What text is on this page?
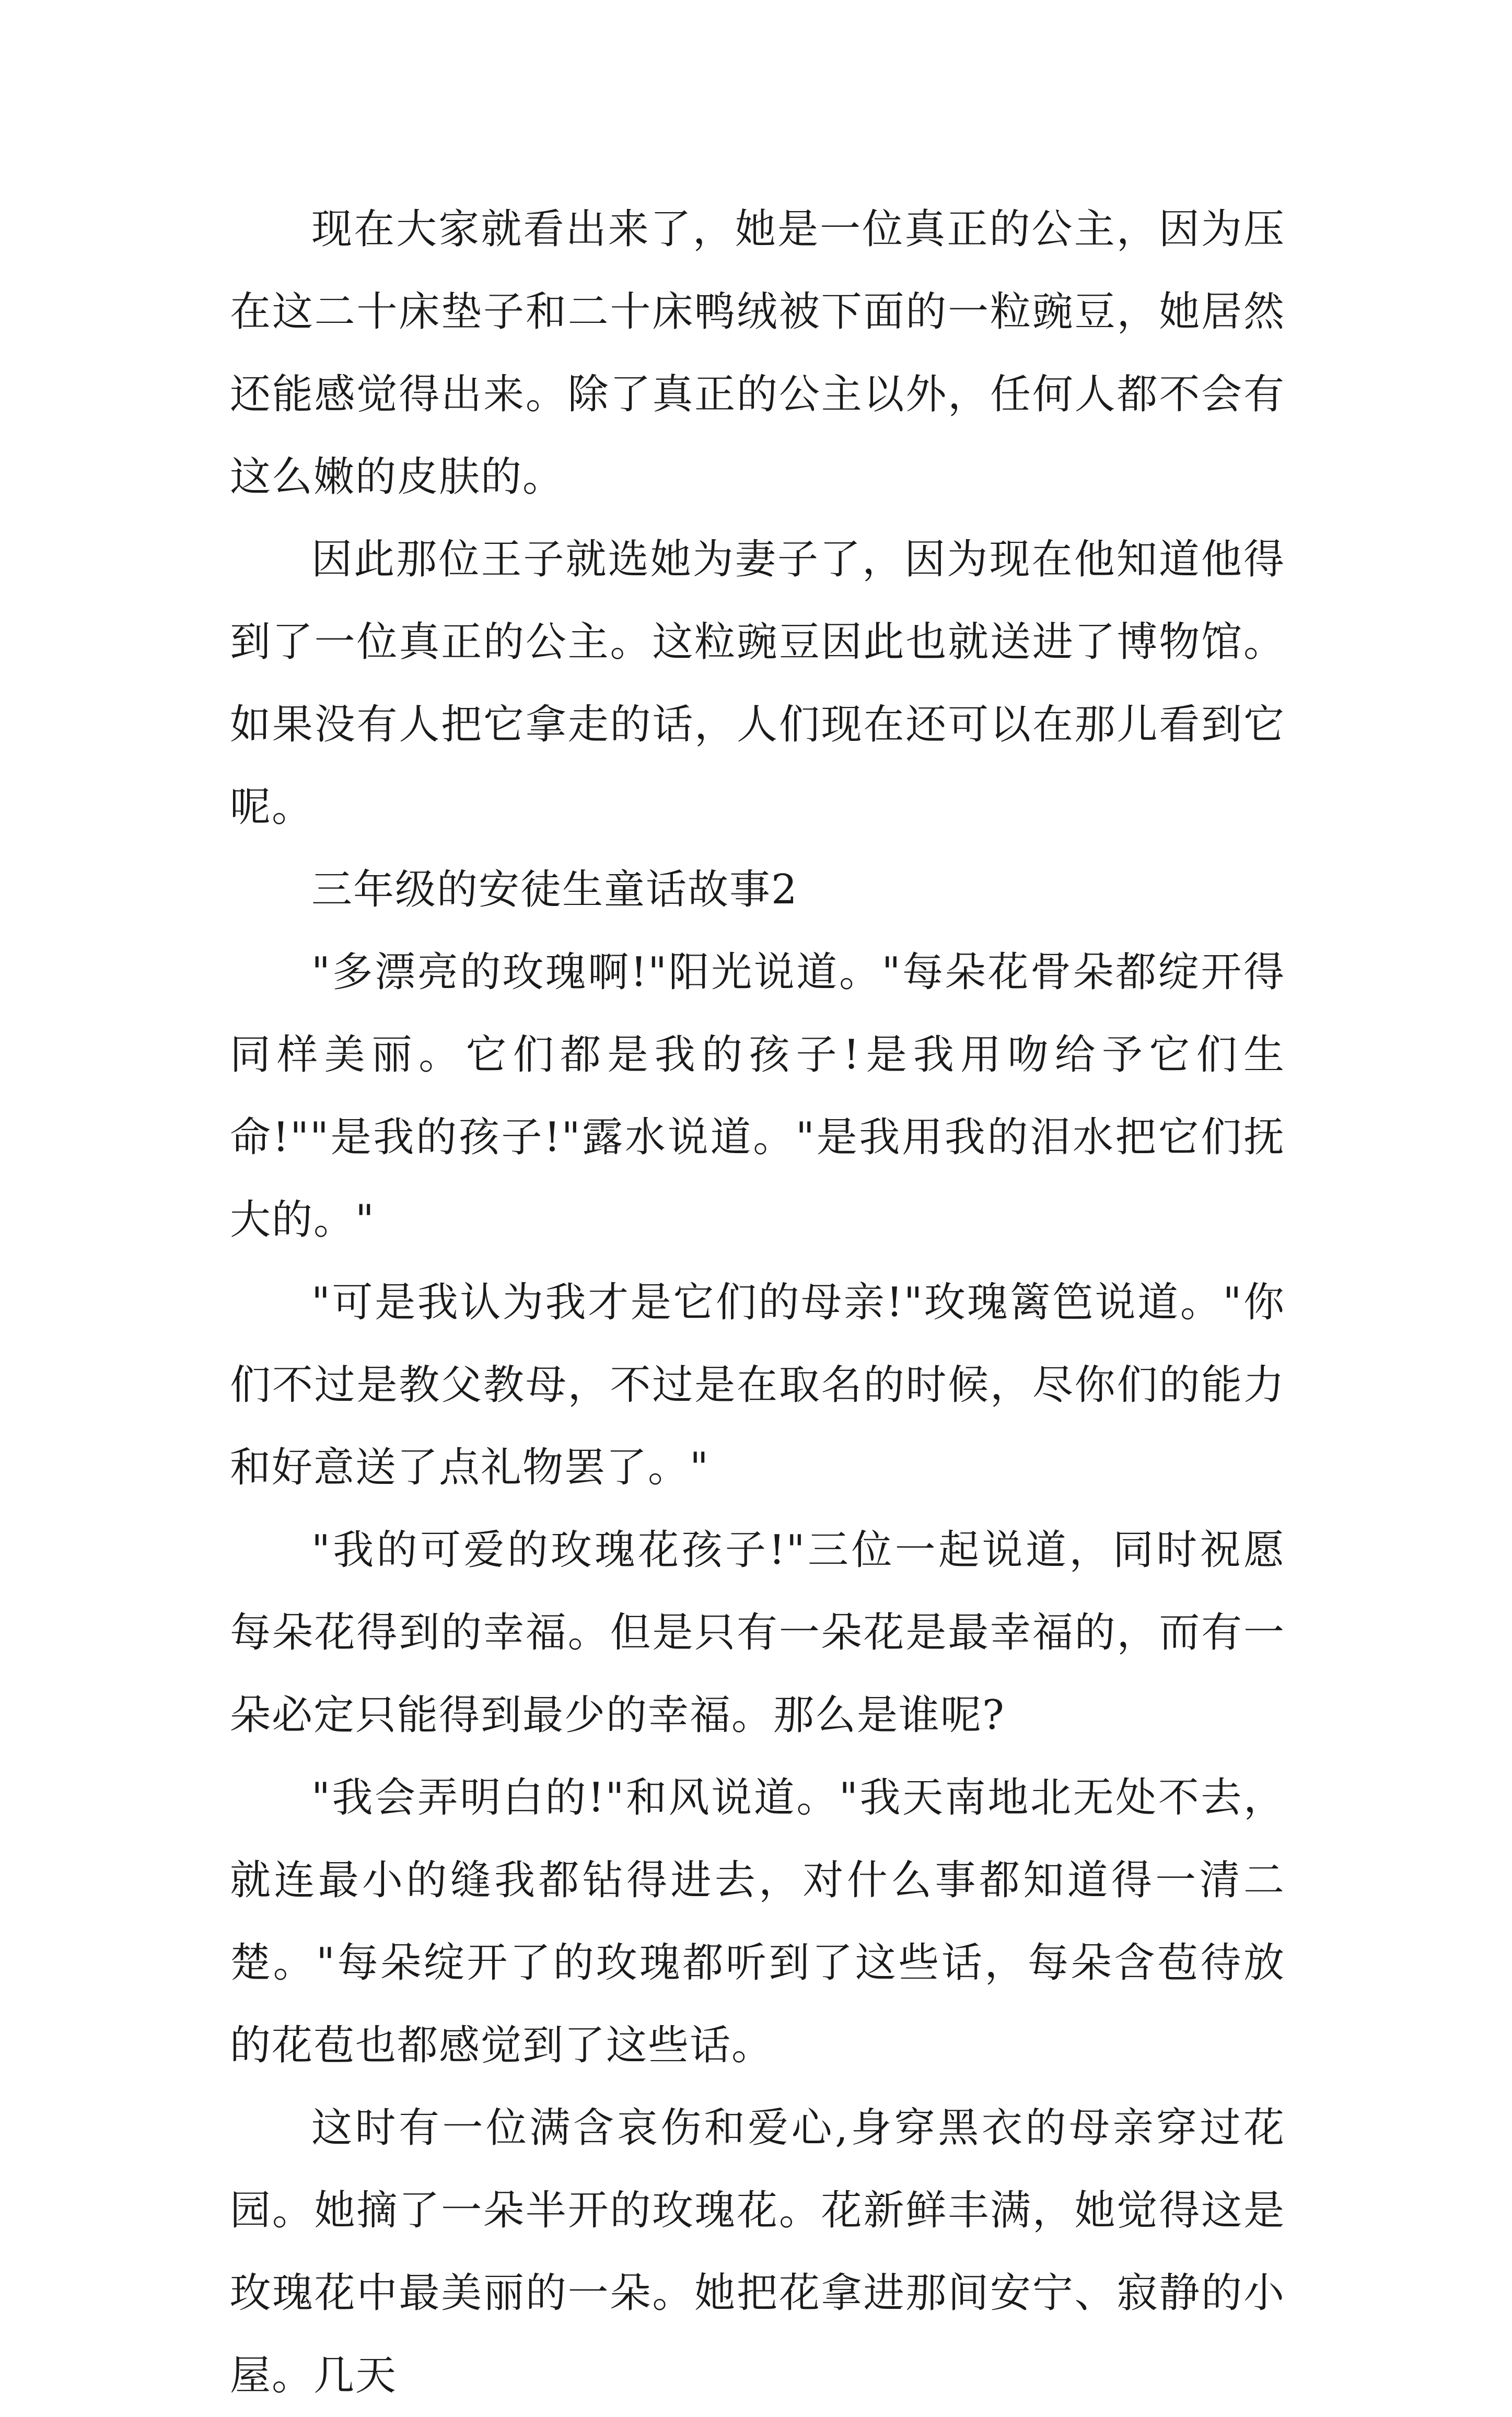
现在大家就看出来了，她是一位真正的公主，因为压在这二十床垫子和二十床鸭绒被下面的一粒豌豆，她居然还能感觉得出来。除了真正的公主以外，任何人都不会有这么嫩的皮肤的。

因此那位王子就选她为妻子了，因为现在他知道他得到了一位真正的公主。这粒豌豆因此也就送进了博物馆。如果没有人把它拿走的话，人们现在还可以在那儿看到它呢。

三年级的安徒生童话故事2

"多漂亮的玫瑰啊!"阳光说道。"每朵花骨朵都绽开得同样美丽。它们都是我的孩子!是我用吻给予它们生命!""是我的孩子!"露水说道。"是我用我的泪水把它们抚大的。"

"可是我认为我才是它们的母亲!"玫瑰篱笆说道。"你们不过是教父教母，不过是在取名的时候，尽你们的能力和好意送了点礼物罢了。"

"我的可爱的玫瑰花孩子!"三位一起说道，同时祝愿每朵花得到的幸福。但是只有一朵花是最幸福的，而有一朵必定只能得到最少的幸福。那么是谁呢?

"我会弄明白的!"和风说道。"我天南地北无处不去，就连最小的缝我都钻得进去，对什么事都知道得一清二楚。"每朵绽开了的玫瑰都听到了这些话，每朵含苞待放的花苞也都感觉到了这些话。

这时有一位满含哀伤和爱心,身穿黑衣的母亲穿过花园。她摘了一朵半开的玫瑰花。花新鲜丰满，她觉得这是玫瑰花中最美丽的一朵。她把花拿进那间安宁、寂静的小屋。几天
